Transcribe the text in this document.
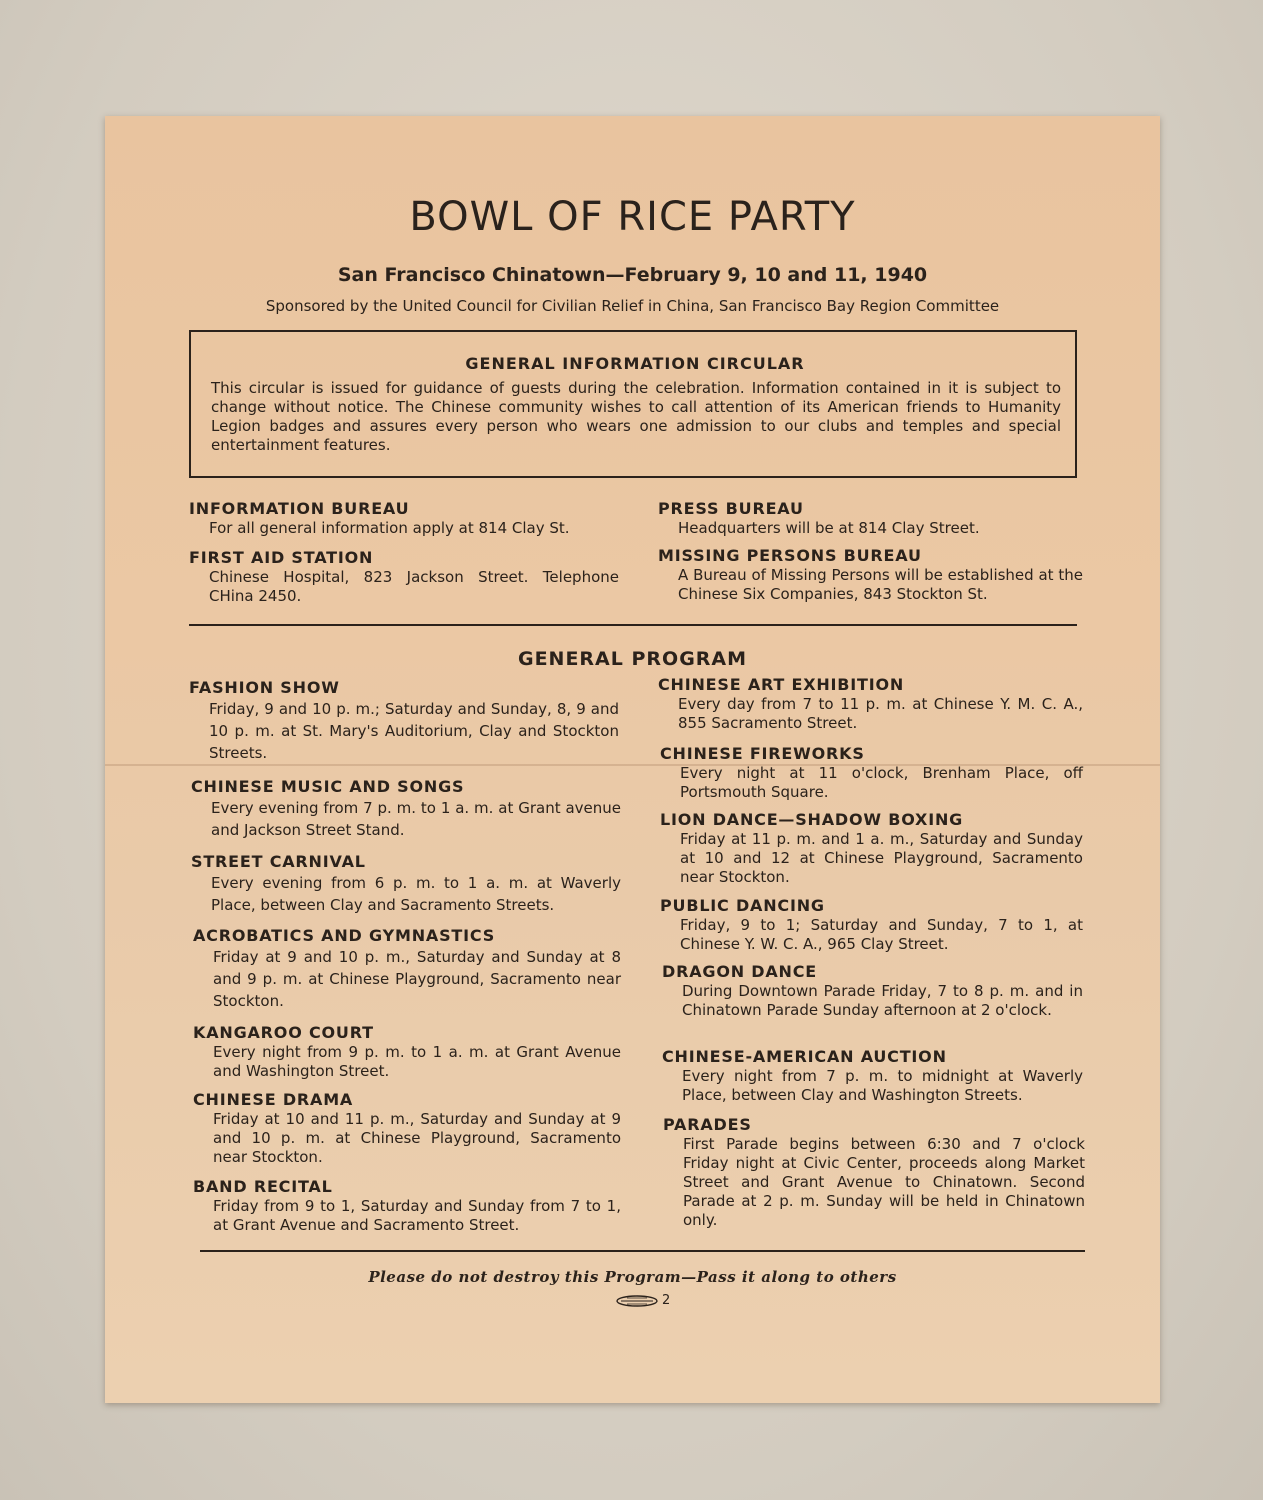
BOWL OF RICE PARTY
San Francisco Chinatown—February 9, 10 and 11, 1940
Sponsored by the United Council for Civilian Relief in China, San Francisco Bay Region Committee
GENERAL INFORMATION CIRCULAR
This circular is issued for guidance of guests during the celebration. Information contained in it is subject to change without notice. The Chinese community wishes to call attention of its American friends to Humanity Legion badges and assures every person who wears one admission to our clubs and temples and special entertainment features.
INFORMATION BUREAU
For all general information apply at 814 Clay St.
FIRST AID STATION
Chinese Hospital, 823 Jackson Street. Telephone CHina 2450.
PRESS BUREAU
Headquarters will be at 814 Clay Street.
MISSING PERSONS BUREAU
A Bureau of Missing Persons will be established at the Chinese Six Companies, 843 Stockton St.
GENERAL PROGRAM
FASHION SHOW
Friday, 9 and 10 p. m.; Saturday and Sunday, 8, 9 and 10 p. m. at St. Mary's Auditorium, Clay and Stockton Streets.
CHINESE MUSIC AND SONGS
Every evening from 7 p. m. to 1 a. m. at Grant avenue and Jackson Street Stand.
STREET CARNIVAL
Every evening from 6 p. m. to 1 a. m. at Waverly Place, between Clay and Sacramento Streets.
ACROBATICS AND GYMNASTICS
Friday at 9 and 10 p. m., Saturday and Sunday at 8 and 9 p. m. at Chinese Playground, Sacramento near Stockton.
KANGAROO COURT
Every night from 9 p. m. to 1 a. m. at Grant Avenue and Washington Street.
CHINESE DRAMA
Friday at 10 and 11 p. m., Saturday and Sunday at 9 and 10 p. m. at Chinese Playground, Sacramento near Stockton.
BAND RECITAL
Friday from 9 to 1, Saturday and Sunday from 7 to 1, at Grant Avenue and Sacramento Street.
CHINESE ART EXHIBITION
Every day from 7 to 11 p. m. at Chinese Y. M. C. A., 855 Sacramento Street.
CHINESE FIREWORKS
Every night at 11 o'clock, Brenham Place, off Portsmouth Square.
LION DANCE—SHADOW BOXING
Friday at 11 p. m. and 1 a. m., Saturday and Sunday at 10 and 12 at Chinese Playground, Sacramento near Stockton.
PUBLIC DANCING
Friday, 9 to 1; Saturday and Sunday, 7 to 1, at Chinese Y. W. C. A., 965 Clay Street.
DRAGON DANCE
During Downtown Parade Friday, 7 to 8 p. m. and in Chinatown Parade Sunday afternoon at 2 o'clock.
CHINESE-AMERICAN AUCTION
Every night from 7 p. m. to midnight at Waverly Place, between Clay and Washington Streets.
PARADES
First Parade begins between 6:30 and 7 o'clock Friday night at Civic Center, proceeds along Market Street and Grant Avenue to Chinatown. Second Parade at 2 p. m. Sunday will be held in Chinatown only.
Please do not destroy this Program—Pass it along to others
2
